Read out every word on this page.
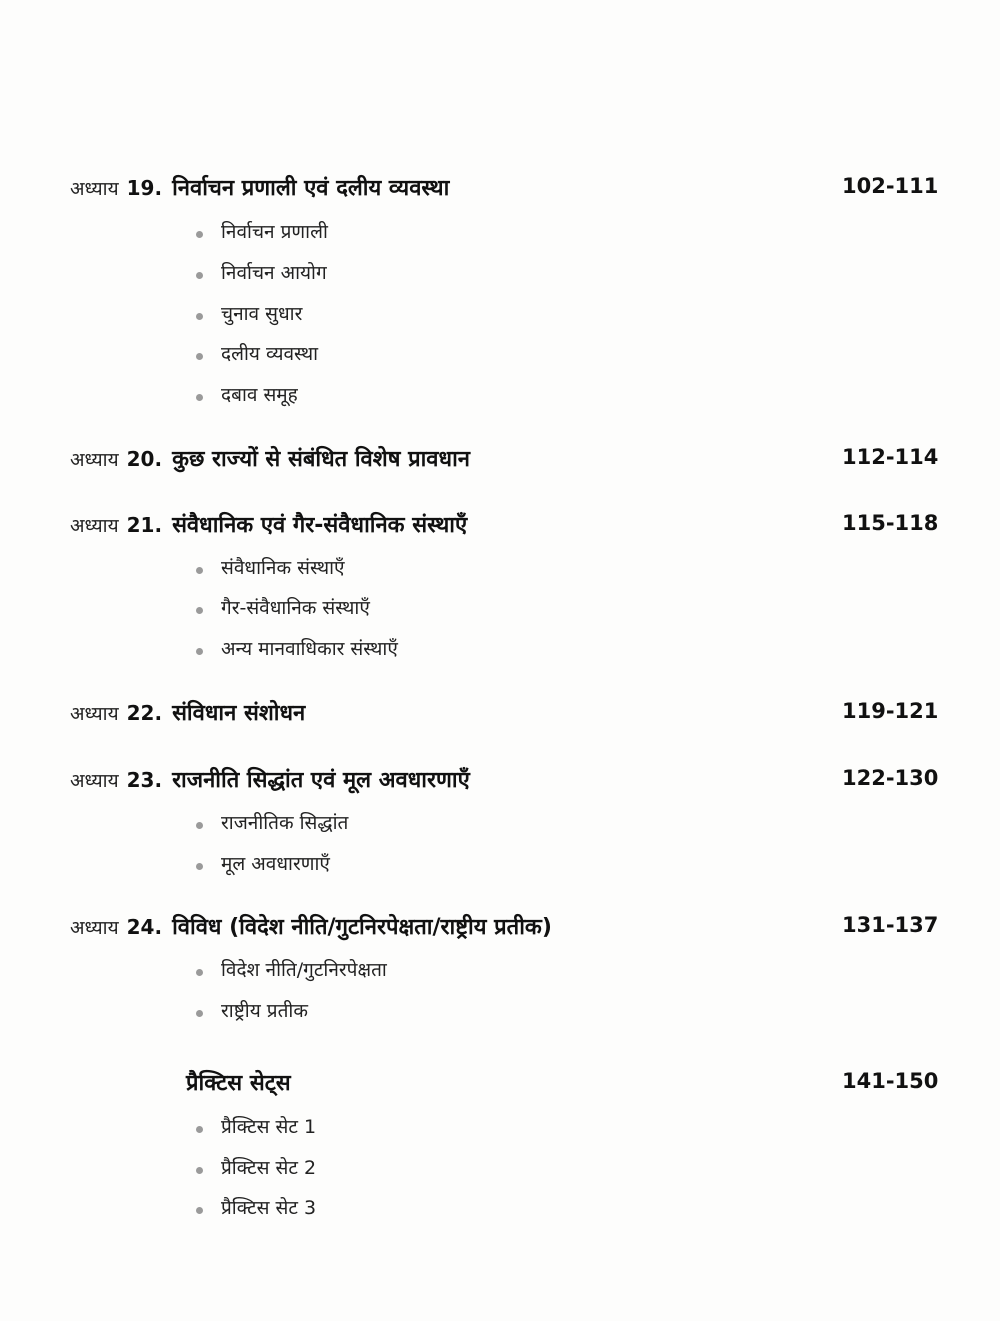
अध्याय 19. निर्वाचन प्रणाली एवं दलीय व्यवस्था	102-111
निर्वाचन प्रणाली
निर्वाचन आयोग
चुनाव सुधार
दलीय व्यवस्था
दबाव समूह
अध्याय 20. कुछ राज्यों से संबंधित विशेष प्रावधान	112-114
अध्याय 21. संवैधानिक एवं गैर-संवैधानिक संस्थाएँ	115-118
संवैधानिक संस्थाएँ
गैर-संवैधानिक संस्थाएँ
अन्य मानवाधिकार संस्थाएँ
अध्याय 22. संविधान संशोधन	119-121
अध्याय 23. राजनीति सिद्धांत एवं मूल अवधारणाएँ	122-130
राजनीतिक सिद्धांत
मूल अवधारणाएँ
अध्याय 24. विविध (विदेश नीति/गुटनिरपेक्षता/राष्ट्रीय प्रतीक)	131-137
विदेश नीति/गुटनिरपेक्षता
राष्ट्रीय प्रतीक
प्रैक्टिस सेट्स	141-150
प्रैक्टिस सेट 1
प्रैक्टिस सेट 2
प्रैक्टिस सेट 3
